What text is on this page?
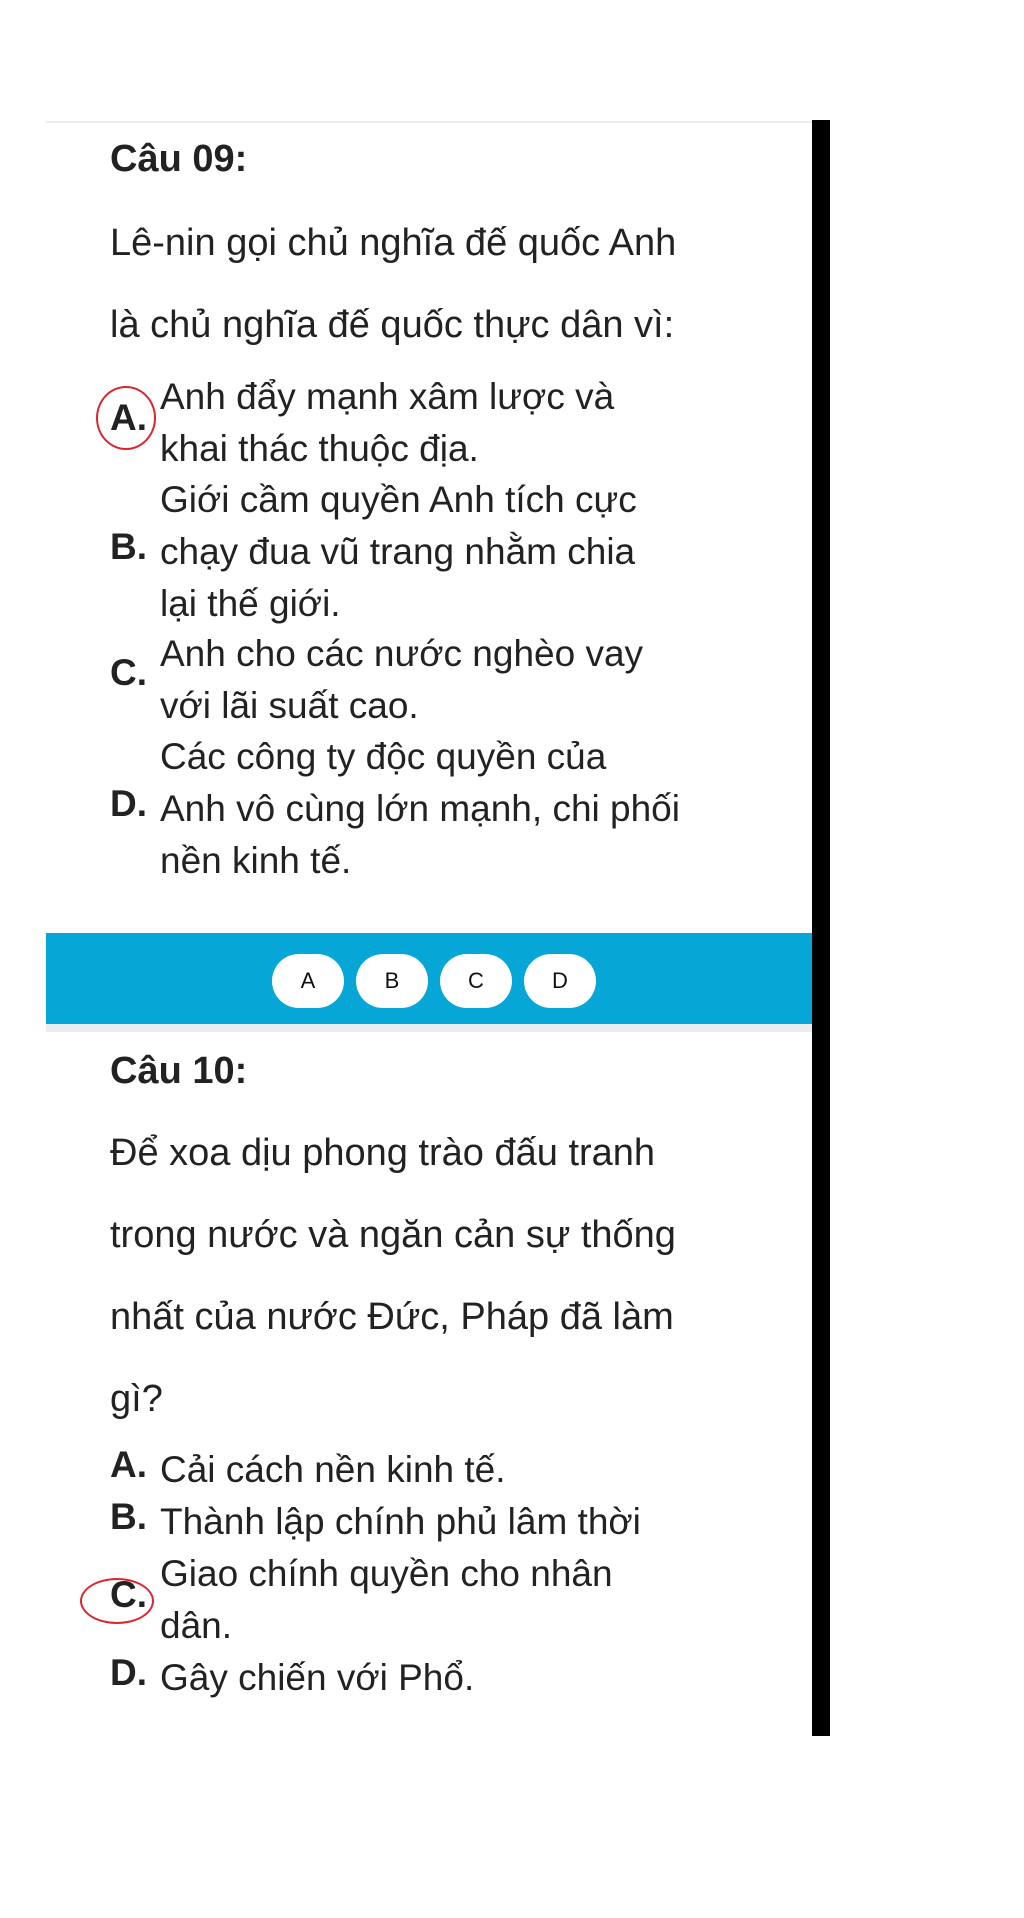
Câu 09:
Lê-nin gọi chủ nghĩa đế quốc Anh
là chủ nghĩa đế quốc thực dân vì:
A.
Anh đẩy mạnh xâm lược và
khai thác thuộc địa.
B.
Giới cầm quyền Anh tích cực
chạy đua vũ trang nhằm chia
lại thế giới.
C. Anh cho các nước nghèo vay
với lãi suất cao.
D.
Các công ty độc quyền của
Anh vô cùng lớn mạnh, chi phối
nền kinh tế.
A	B	C	D
Câu 10:
Để xoa dịu phong trào đấu tranh
trong nước và ngăn cản sự thống
nhất của nước Đức, Pháp đã làm
gì?
A. Cải cách nền kinh tế.
B. Thành lập chính phủ lâm thời
C.
Giao chính quyền cho nhân
dân.
D. Gây chiến với Phổ.
